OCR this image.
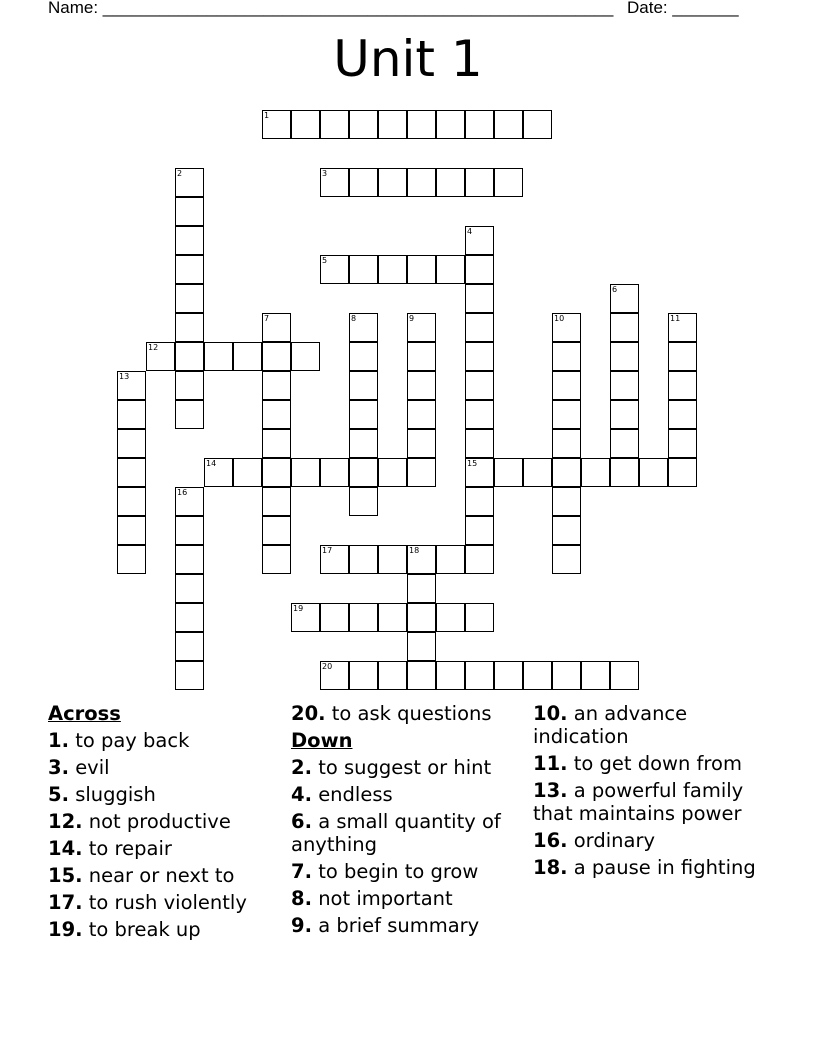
Name: ______________________________________________________ Date: _______
Unit 1
1
2	3
4
15
5
6
7	8	9	10	11
12
13
14
16
17	18
19
20
Across
1. to pay back
3. evil
5. sluggish
12. not productive
14. to repair
15. near or next to
17. to rush violently
19. to break up
20. to ask questions
Down
2. to suggest or hint
4. endless
6. a small quantity of anything
7. to begin to grow
8. not important
9. a brief summary
10. an advance indication
11. to get down from
13. a powerful family that maintains power
16. ordinary
18. a pause in fighting
